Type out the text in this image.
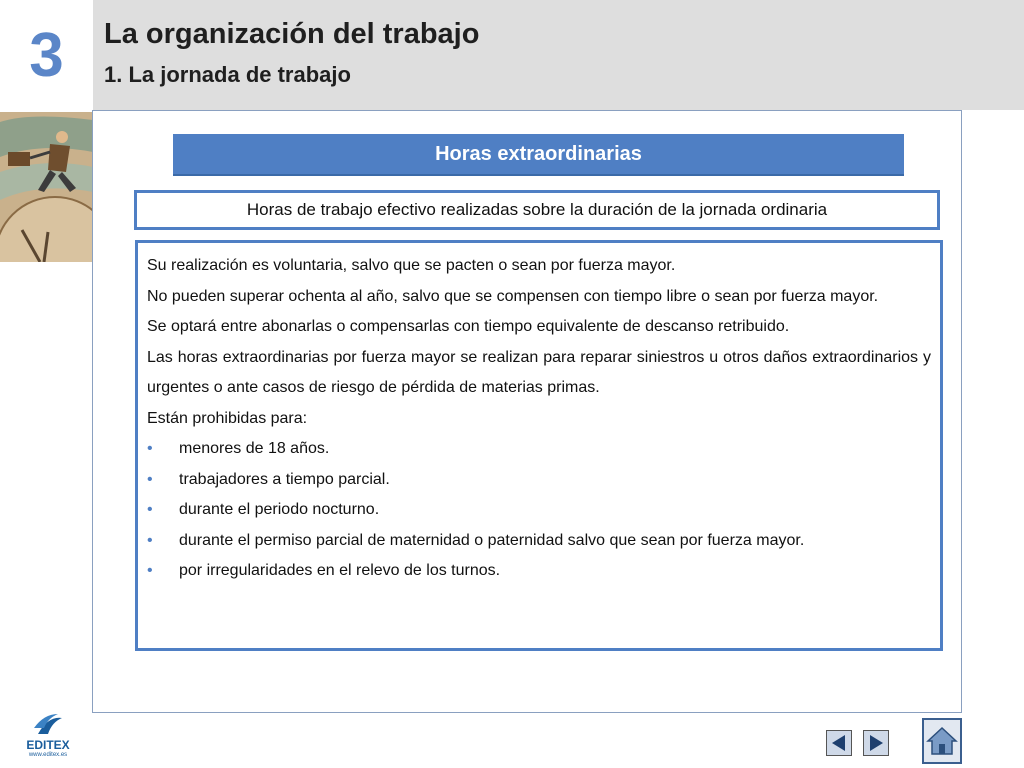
3	La organización del trabajo
1. La jornada de trabajo
Horas extraordinarias
Horas de trabajo efectivo realizadas sobre la duración de la jornada ordinaria

Su realización es voluntaria, salvo que se pacten o sean por fuerza mayor.

No pueden superar ochenta al año, salvo que se compensen con tiempo libre o sean por fuerza mayor.

Se optará entre abonarlas o compensarlas con tiempo equivalente de descanso retribuido.

Las horas extraordinarias por fuerza mayor se realizan para reparar siniestros u otros daños extraordinarios y urgentes o ante casos de riesgo de pérdida de materias primas.

Están prohibidas para:

• menores de 18 años.
• trabajadores a tiempo parcial.
• durante el periodo nocturno.
• durante el permiso parcial de maternidad o paternidad salvo que sean por fuerza mayor.
• por irregularidades en el relevo de los turnos.
EDITEX
www.editex.es
